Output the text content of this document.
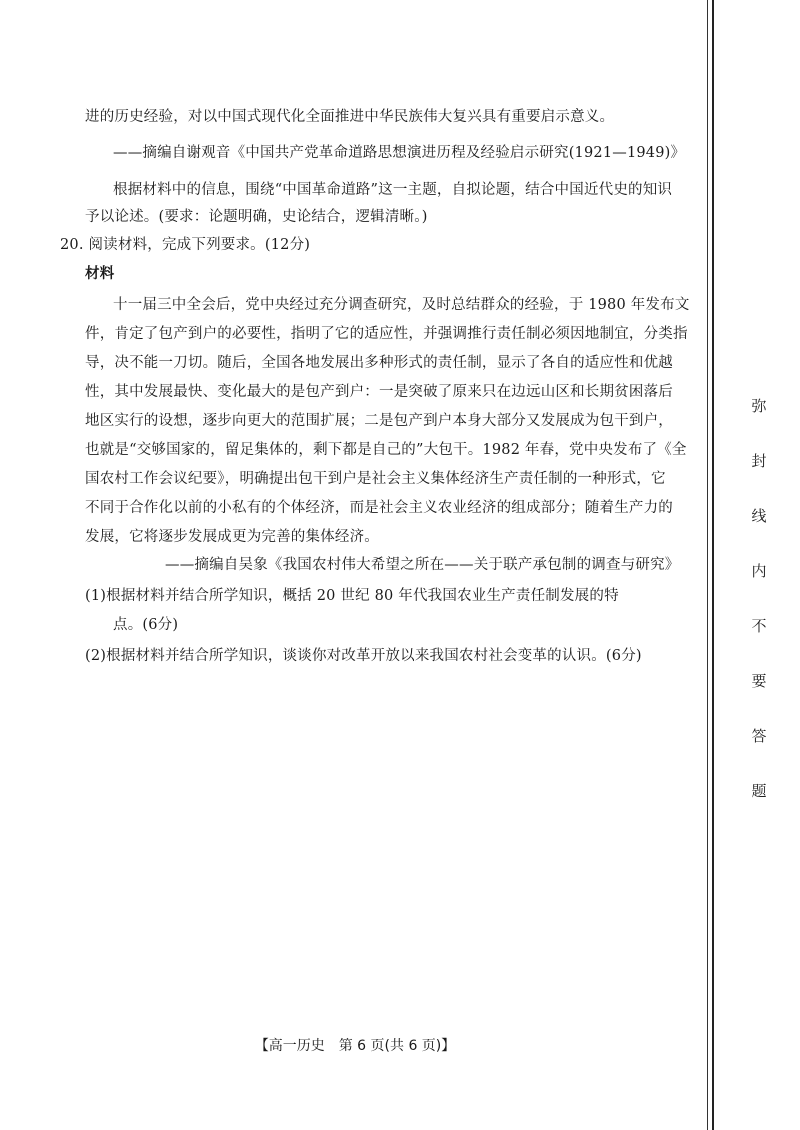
进的历史经验，对以中国式现代化全面推进中华民族伟大复兴具有重要启示意义。
——摘编自谢观音《中国共产党革命道路思想演进历程及经验启示研究(1921—1949)》
根据材料中的信息，围绕“中国革命道路”这一主题，自拟论题，结合中国近代史的知识
予以论述。(要求：论题明确，史论结合，逻辑清晰。)
20. 阅读材料，完成下列要求。(12分)
材料
十一届三中全会后，党中央经过充分调查研究，及时总结群众的经验，于 1980 年发布文
件，肯定了包产到户的必要性，指明了它的适应性，并强调推行责任制必须因地制宜，分类指
导，决不能一刀切。随后，全国各地发展出多种形式的责任制，显示了各自的适应性和优越
性，其中发展最快、变化最大的是包产到户：一是突破了原来只在边远山区和长期贫困落后
地区实行的设想，逐步向更大的范围扩展；二是包产到户本身大部分又发展成为包干到户，
也就是“交够国家的，留足集体的，剩下都是自己的”大包干。1982 年春，党中央发布了《全
国农村工作会议纪要》，明确提出包干到户是社会主义集体经济生产责任制的一种形式，它
不同于合作化以前的小私有的个体经济，而是社会主义农业经济的组成部分；随着生产力的
发展，它将逐步发展成更为完善的集体经济。
——摘编自吴象《我国农村伟大希望之所在——关于联产承包制的调查与研究》
(1)根据材料并结合所学知识，概括 20 世纪 80 年代我国农业生产责任制发展的特
点。(6分)
(2)根据材料并结合所学知识，谈谈你对改革开放以来我国农村社会变革的认识。(6分)
弥
封
线
内
不
要
答
题
【高一历史　第 6 页(共 6 页)】
